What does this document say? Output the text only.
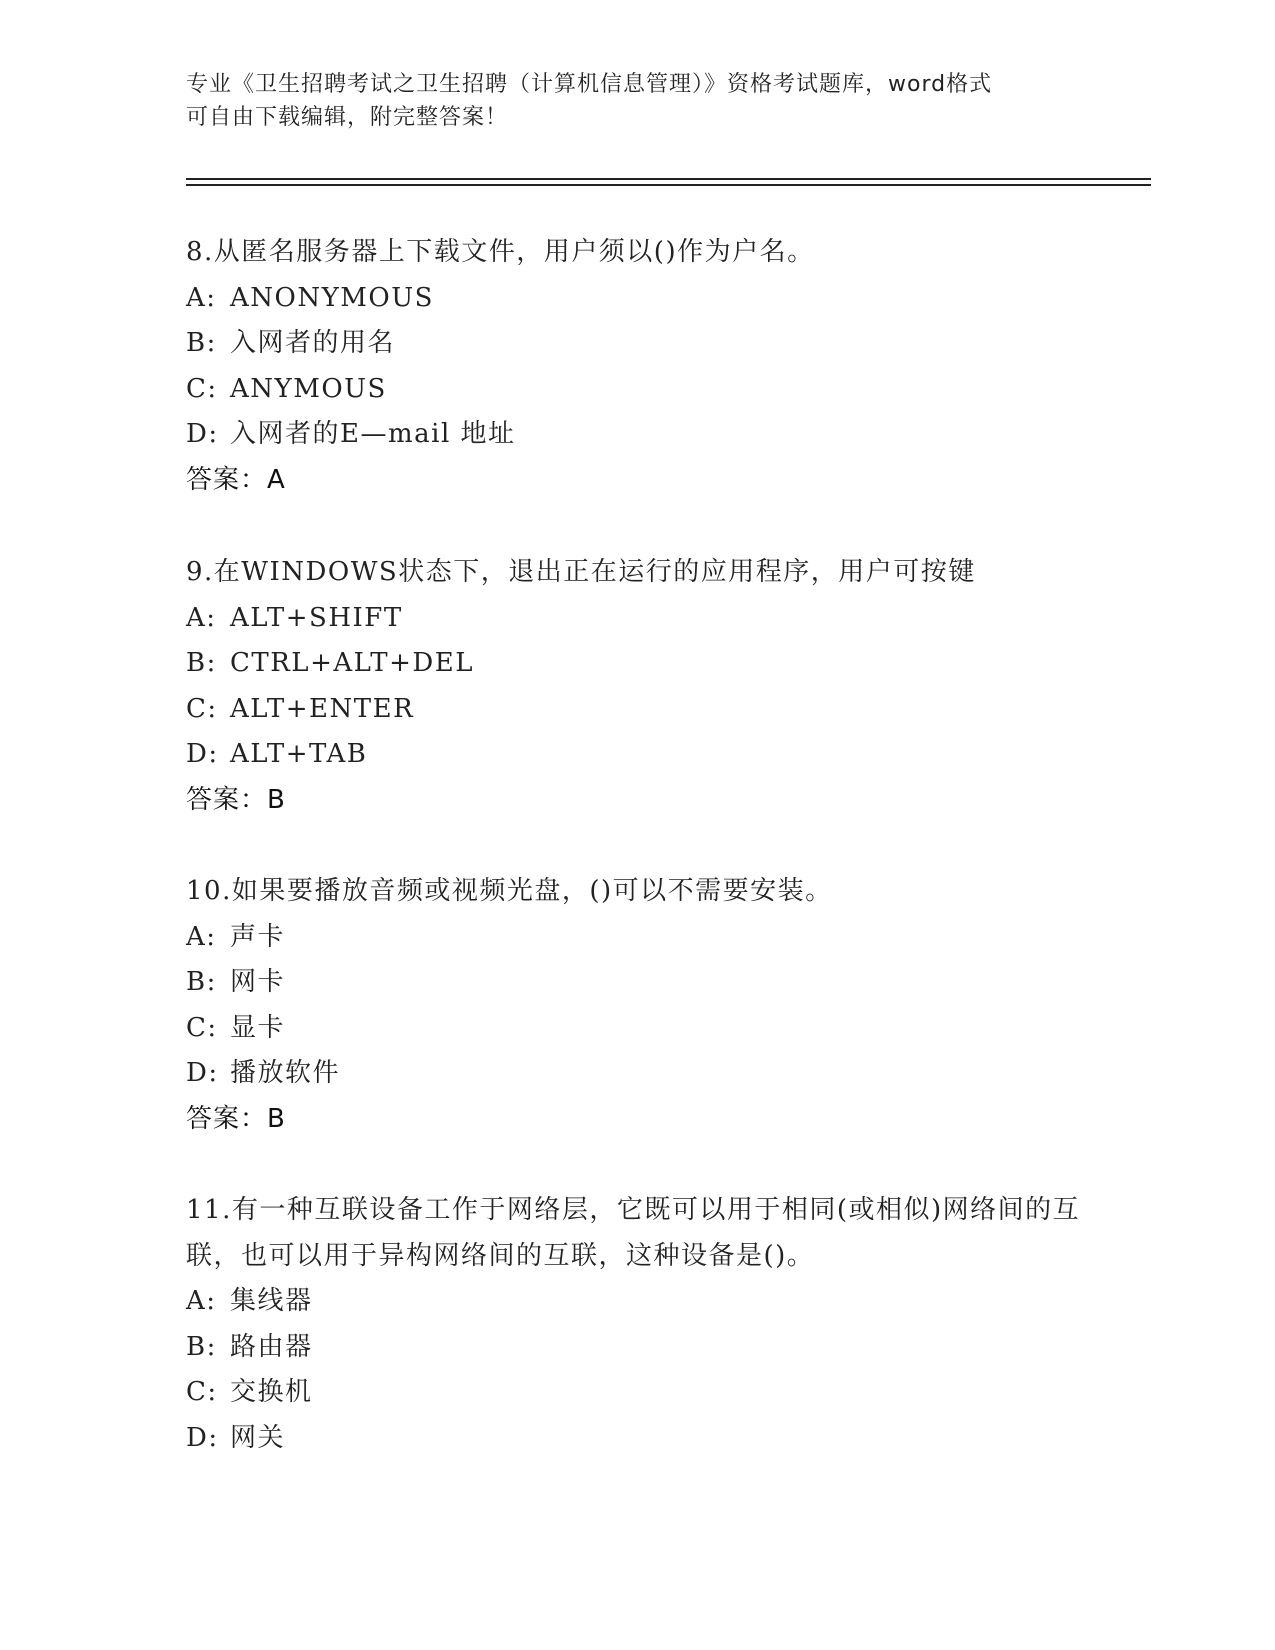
专业《卫生招聘考试之卫生招聘（计算机信息管理）》资格考试题库，word格式
可自由下载编辑，附完整答案！
8.从匿名服务器上下载文件，用户须以()作为户名。
A: ANONYMOUS
B: 入网者的用名
C: ANYMOUS
D: 入网者的E—mail 地址
答案：A
9.在WINDOWS状态下，退出正在运行的应用程序，用户可按键
A: ALT+SHIFT
B: CTRL+ALT+DEL
C: ALT+ENTER
D: ALT+TAB
答案：B
10.如果要播放音频或视频光盘，()可以不需要安装。
A: 声卡
B: 网卡
C: 显卡
D: 播放软件
答案：B
11.有一种互联设备工作于网络层，它既可以用于相同(或相似)网络间的互联，也可以用于异构网络间的互联，这种设备是()。
A: 集线器
B: 路由器
C: 交换机
D: 网关
